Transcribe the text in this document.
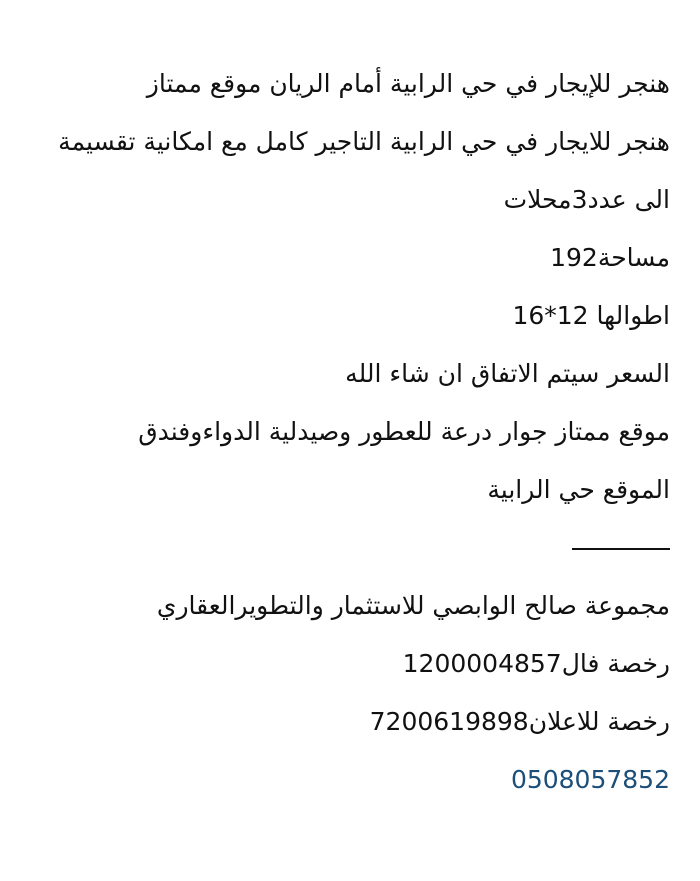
هنجر للإيجار في حي الرابية أمام الريان موقع ممتاز
هنجر للايجار في حي الرابية التاجير كامل مع امكانية تقسيمة
الى عدد3محلات
مساحة192
اطوالها 12*16
السعر سيتم الاتفاق ان شاء الله
موقع ممتاز جوار درعة للعطور وصيدلية الدواءوفندق
الموقع حي الرابية
مجموعة صالح الوابصي للاستثمار والتطويرالعقاري
رخصة فال1200004857
رخصة للاعلان7200619898
0508057852
